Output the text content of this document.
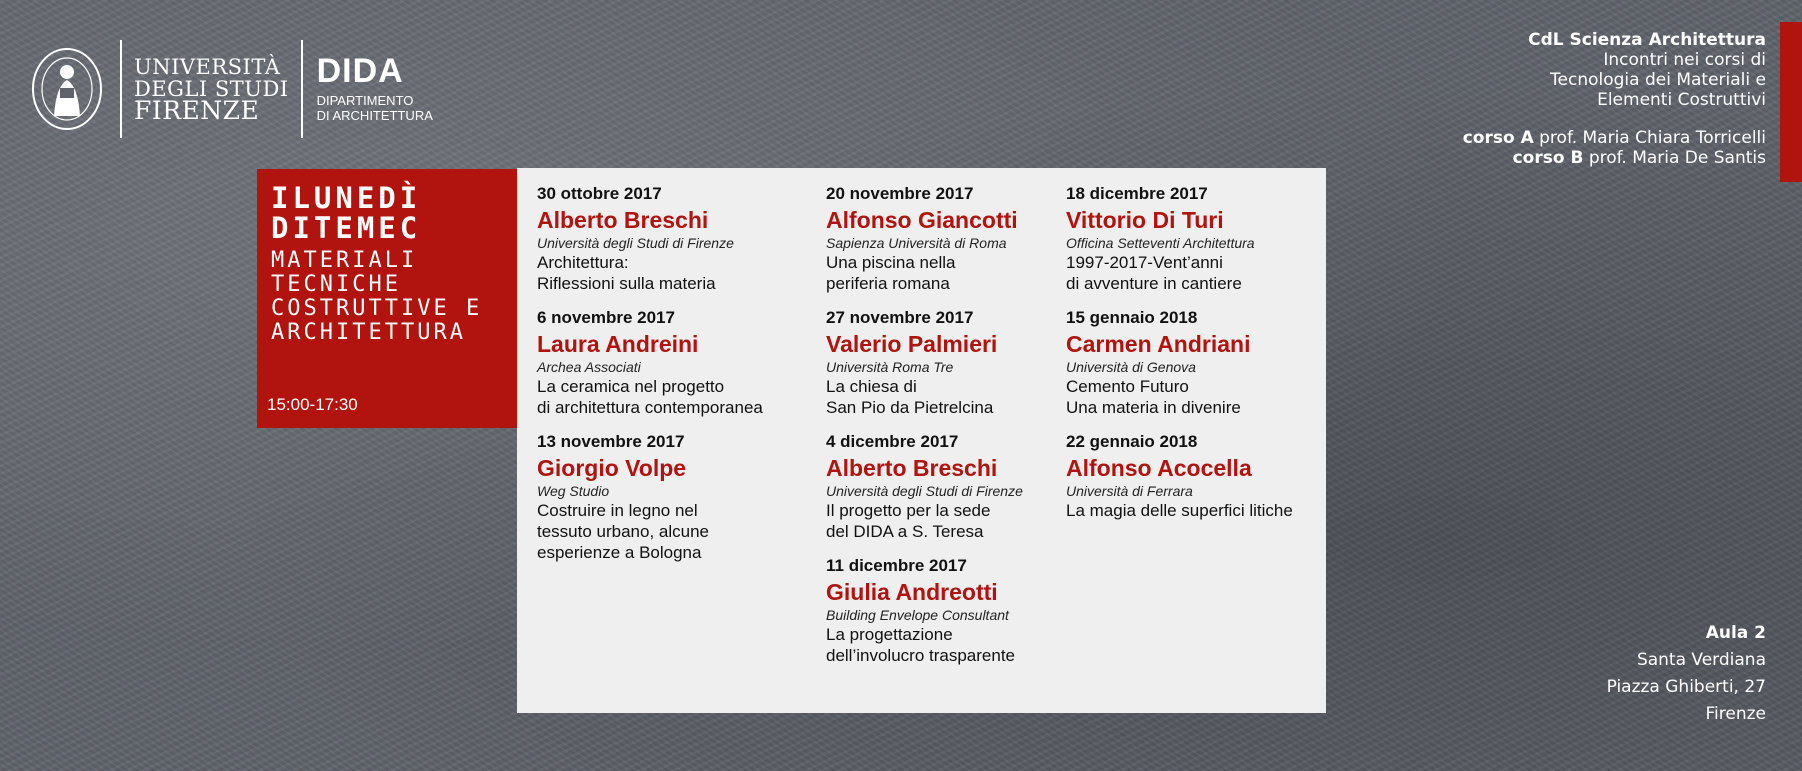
UNIVERSITÀ
DEGLI STUDI
FIRENZE
DIDA
DIPARTIMENTO
DI ARCHITETTURA
CdL Scienza Architettura
Incontri nei corsi di
Tecnologia dei Materiali e
Elementi Costruttivi
corso A prof. Maria Chiara Torricelli
corso B prof. Maria De Santis
ILUNEDÌ
DITEMEC
MATERIALI
TECNICHE
COSTRUTTIVE E
ARCHITETTURA
15:00-17:30
30 ottobre 2017
Alberto Breschi
Università degli Studi di Firenze
Architettura:
Riflessioni sulla materia
6 novembre 2017
Laura Andreini
Archea Associati
La ceramica nel progetto
di architettura contemporanea
13 novembre 2017
Giorgio Volpe
Weg Studio
Costruire in legno nel
tessuto urbano, alcune
esperienze a Bologna
20 novembre 2017
Alfonso Giancotti
Sapienza Università di Roma
Una piscina nella
periferia romana
27 novembre 2017
Valerio Palmieri
Università Roma Tre
La chiesa di
San Pio da Pietrelcina
4 dicembre 2017
Alberto Breschi
Università degli Studi di Firenze
Il progetto per la sede
del DIDA a S. Teresa
11 dicembre 2017
Giulia Andreotti
Building Envelope Consultant
La progettazione
dell’involucro trasparente
18 dicembre 2017
Vittorio Di Turi
Officina Setteventi Architettura
1997-2017-Vent’anni
di avventure in cantiere
15 gennaio 2018
Carmen Andriani
Università di Genova
Cemento Futuro
Una materia in divenire
22 gennaio 2018
Alfonso Acocella
Università di Ferrara
La magia delle superfici litiche
Aula 2
Santa Verdiana
Piazza Ghiberti, 27
Firenze
